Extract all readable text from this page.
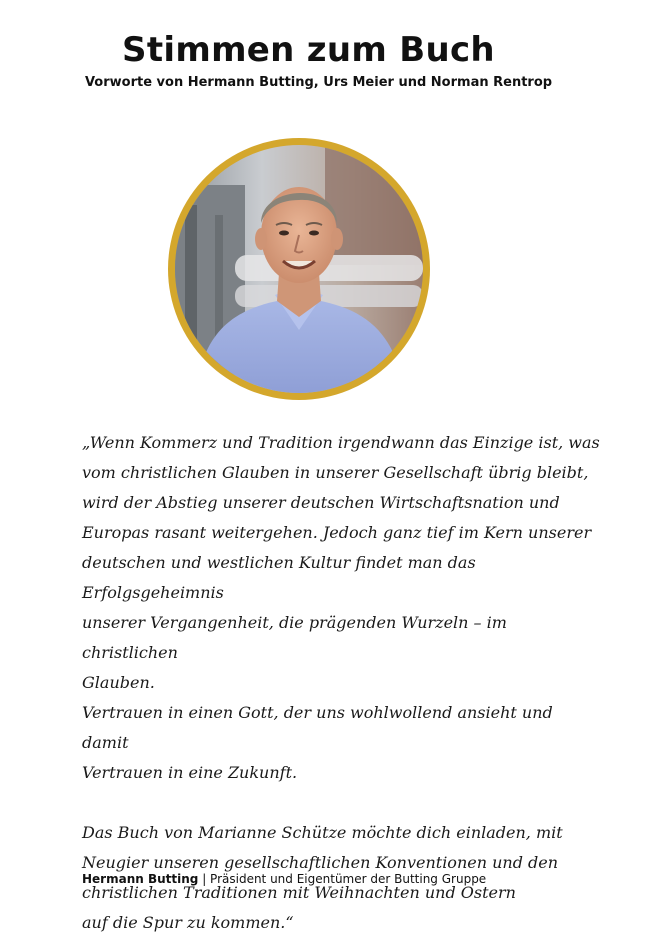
Stimmen zum Buch
Vorworte von Hermann Butting, Urs Meier und Norman Rentrop

„Wenn Kommerz und Tradition irgendwann das Einzige ist, was

vom christlichen Glauben in unserer Gesellschaft übrig bleibt,

wird der Abstieg unserer deutschen Wirtschaftsnation und

Europas rasant weitergehen. Jedoch ganz tief im Kern unserer

deutschen und westlichen Kultur findet man das Erfolgsgeheimnis

unserer Vergangenheit, die prägenden Wurzeln – im christlichen

Glauben.

Vertrauen in einen Gott, der uns wohlwollend ansieht und damit

Vertrauen in eine Zukunft.

Das Buch von Marianne Schütze möchte dich einladen, mit

Neugier unseren gesellschaftlichen Konventionen und den

christlichen Traditionen mit Weihnachten und Ostern

auf die Spur zu kommen.“

Hermann Butting | Präsident und Eigentümer der Butting Gruppe
